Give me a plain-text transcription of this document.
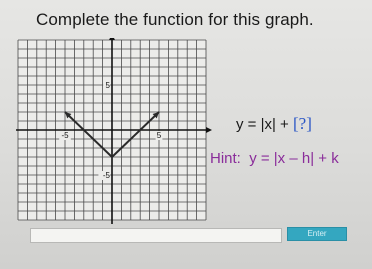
Complete the function for this graph.
-5	5
5
-5
y = |x| + [?]
Hint: y = |x – h| + k
Enter
